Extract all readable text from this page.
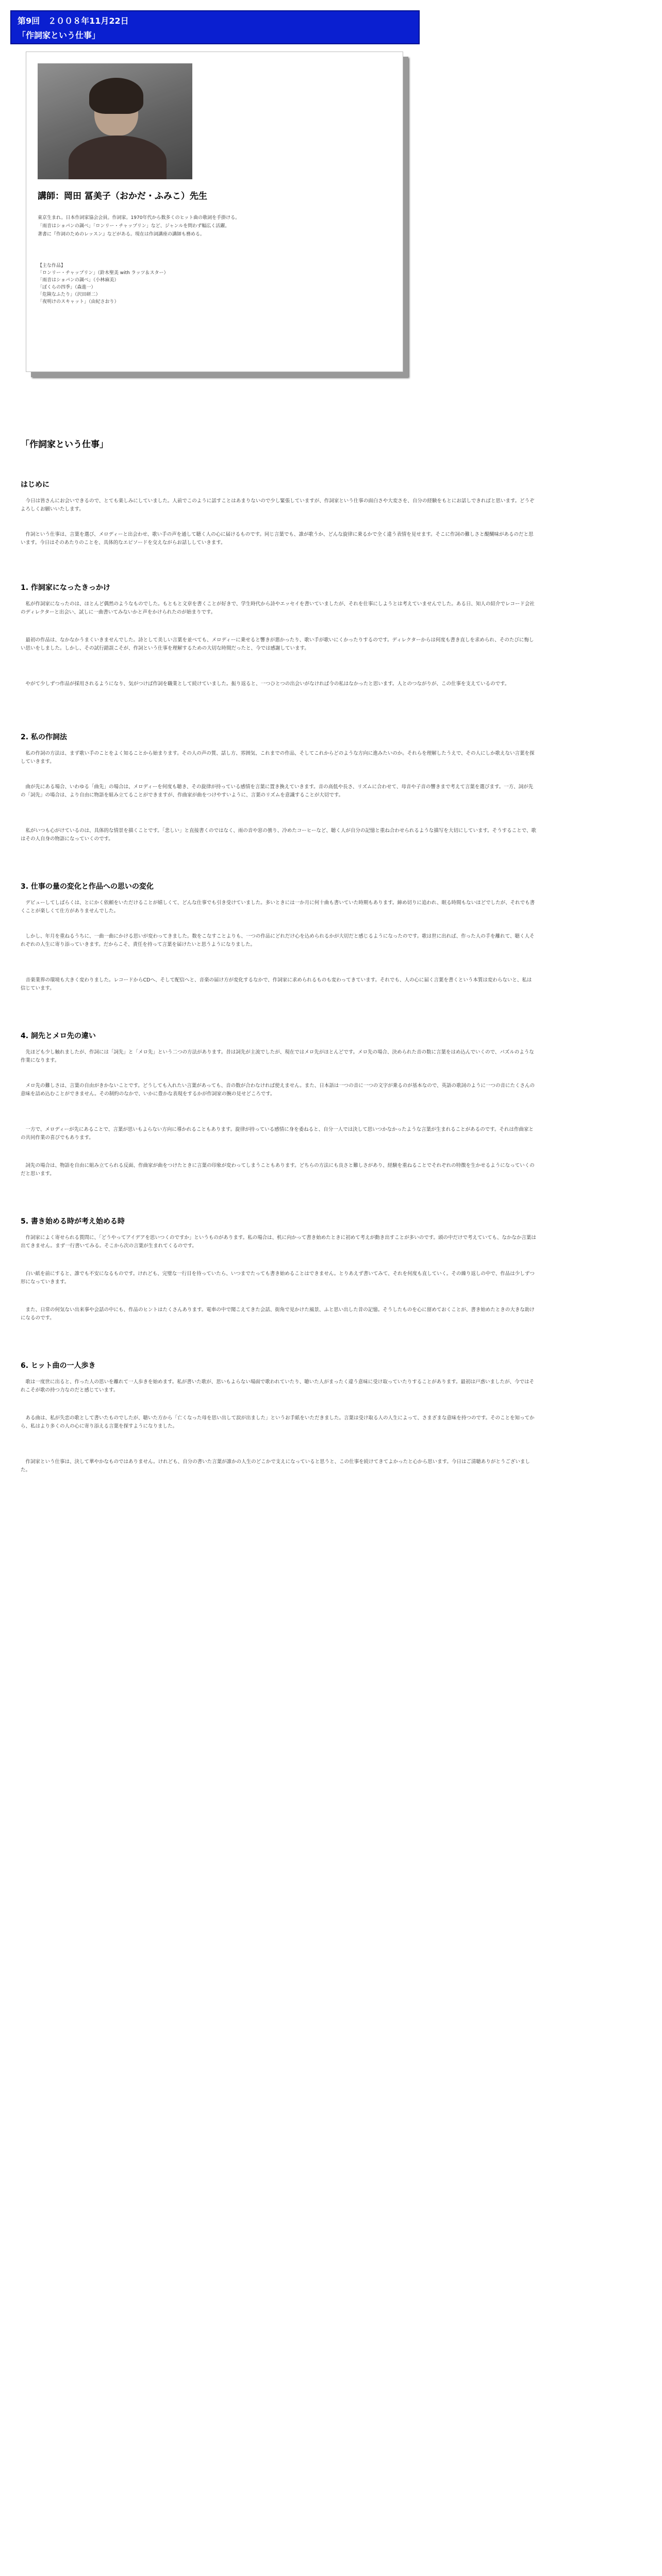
第9回　２００８年11月22日
「作詞家という仕事」
講師：岡田 冨美子（おかだ・ふみこ）先生

東京生まれ。日本作詞家協会会員。作詞家。1970年代から数多くのヒット曲の歌詞を手掛ける。

「雨音はショパンの調べ」「ロンリー・チャップリン」など、ジャンルを問わず幅広く活躍。

著書に『作詞のためのレッスン』などがある。現在は作詞講座の講師も務める。

【主な作品】
「ロンリー・チャップリン」（鈴木聖美 with ラッツ＆スター）
「雨音はショパンの調べ」（小林麻美）
「ぼくらの四季」（森進一）
「危険なふたり」（沢田研二）
「夜明けのスキャット」（由紀さおり）
「作詞家という仕事」
はじめに

　今日は皆さんにお会いできるので、とても楽しみにしていました。人前でこのように話すことはあまりないので少し緊張していますが、作詞家という仕事の面白さや大変さを、自分の経験をもとにお話しできればと思います。どうぞよろしくお願いいたします。

　作詞という仕事は、言葉を選び、メロディーと出会わせ、歌い手の声を通して聴く人の心に届けるものです。同じ言葉でも、誰が歌うか、どんな旋律に乗るかで全く違う表情を見せます。そこに作詞の難しさと醍醐味があるのだと思います。今日はそのあたりのことを、具体的なエピソードを交えながらお話ししていきます。

1. 作詞家になったきっかけ

　私が作詞家になったのは、ほとんど偶然のようなものでした。もともと文章を書くことが好きで、学生時代から詩やエッセイを書いていましたが、それを仕事にしようとは考えていませんでした。ある日、知人の紹介でレコード会社のディレクターと出会い、試しに一曲書いてみないかと声をかけられたのが始まりです。

　最初の作品は、なかなかうまくいきませんでした。詩として美しい言葉を並べても、メロディーに乗せると響きが悪かったり、歌い手が歌いにくかったりするのです。ディレクターからは何度も書き直しを求められ、そのたびに悔しい思いをしました。しかし、その試行錯誤こそが、作詞という仕事を理解するための大切な時間だったと、今では感謝しています。

　やがて少しずつ作品が採用されるようになり、気がつけば作詞を職業として続けていました。振り返ると、一つひとつの出会いがなければ今の私はなかったと思います。人とのつながりが、この仕事を支えているのです。

2. 私の作詞法

　私の作詞の方法は、まず歌い手のことをよく知ることから始まります。その人の声の質、話し方、雰囲気、これまでの作品、そしてこれからどのような方向に進みたいのか。それらを理解したうえで、その人にしか歌えない言葉を探していきます。

　曲が先にある場合、いわゆる「曲先」の場合は、メロディーを何度も聴き、その旋律が持っている感情を言葉に置き換えていきます。音の高低や長さ、リズムに合わせて、母音や子音の響きまで考えて言葉を選びます。一方、詞が先の「詞先」の場合は、より自由に物語を組み立てることができますが、作曲家が曲をつけやすいように、言葉のリズムを意識することが大切です。

　私がいつも心がけているのは、具体的な情景を描くことです。「悲しい」と直接書くのではなく、雨の音や窓の曇り、冷めたコーヒーなど、聴く人が自分の記憶と重ね合わせられるような描写を大切にしています。そうすることで、歌はその人自身の物語になっていくのです。

3. 仕事の量の変化と作品への思いの変化

　デビューしてしばらくは、とにかく依頼をいただけることが嬉しくて、どんな仕事でも引き受けていました。多いときには一か月に何十曲も書いていた時期もあります。締め切りに追われ、眠る時間もないほどでしたが、それでも書くことが楽しくて仕方がありませんでした。

　しかし、年月を重ねるうちに、一曲一曲にかける思いが変わってきました。数をこなすことよりも、一つの作品にどれだけ心を込められるかが大切だと感じるようになったのです。歌は世に出れば、作った人の手を離れて、聴く人それぞれの人生に寄り添っていきます。だからこそ、責任を持って言葉を届けたいと思うようになりました。

　音楽業界の環境も大きく変わりました。レコードからCDへ、そして配信へと、音楽の届け方が変化するなかで、作詞家に求められるものも変わってきています。それでも、人の心に届く言葉を書くという本質は変わらないと、私は信じています。

4. 詞先とメロ先の違い

　先ほども少し触れましたが、作詞には「詞先」と「メロ先」という二つの方法があります。昔は詞先が主流でしたが、現在ではメロ先がほとんどです。メロ先の場合、決められた音の数に言葉をはめ込んでいくので、パズルのような作業になります。

　メロ先の難しさは、言葉の自由がきかないことです。どうしても入れたい言葉があっても、音の数が合わなければ使えません。また、日本語は一つの音に一つの文字が乗るのが基本なので、英語の歌詞のように一つの音にたくさんの意味を詰め込むことができません。その制約のなかで、いかに豊かな表現をするかが作詞家の腕の見せどころです。

　一方で、メロディーが先にあることで、言葉が思いもよらない方向に導かれることもあります。旋律が持っている感情に身を委ねると、自分一人では決して思いつかなかったような言葉が生まれることがあるのです。それは作曲家との共同作業の喜びでもあります。

　詞先の場合は、物語を自由に組み立てられる反面、作曲家が曲をつけたときに言葉の印象が変わってしまうこともあります。どちらの方法にも良さと難しさがあり、経験を重ねることでそれぞれの特徴を生かせるようになっていくのだと思います。

5. 書き始める時が考え始める時

　作詞家によく寄せられる質問に、「どうやってアイデアを思いつくのですか」というものがあります。私の場合は、机に向かって書き始めたときに初めて考えが動き出すことが多いのです。頭の中だけで考えていても、なかなか言葉は出てきません。まず一行書いてみる。そこから次の言葉が生まれてくるのです。

　白い紙を前にすると、誰でも不安になるものです。けれども、完璧な一行目を待っていたら、いつまでたっても書き始めることはできません。とりあえず書いてみて、それを何度も直していく。その繰り返しの中で、作品は少しずつ形になっていきます。

　また、日常の何気ない出来事や会話の中にも、作品のヒントはたくさんあります。電車の中で聞こえてきた会話、街角で見かけた風景、ふと思い出した昔の記憶。そうしたものを心に留めておくことが、書き始めたときの大きな助けになるのです。

6. ヒット曲の一人歩き

　歌は一度世に出ると、作った人の思いを離れて一人歩きを始めます。私が書いた歌が、思いもよらない場面で歌われていたり、聴いた人がまったく違う意味に受け取っていたりすることがあります。最初は戸惑いましたが、今ではそれこそが歌の持つ力なのだと感じています。

　ある曲は、私が失恋の歌として書いたものでしたが、聴いた方から「亡くなった母を思い出して涙が出ました」というお手紙をいただきました。言葉は受け取る人の人生によって、さまざまな意味を持つのです。そのことを知ってから、私はより多くの人の心に寄り添える言葉を探すようになりました。

　作詞家という仕事は、決して華やかなものではありません。けれども、自分の書いた言葉が誰かの人生のどこかで支えになっていると思うと、この仕事を続けてきてよかったと心から思います。今日はご清聴ありがとうございました。
